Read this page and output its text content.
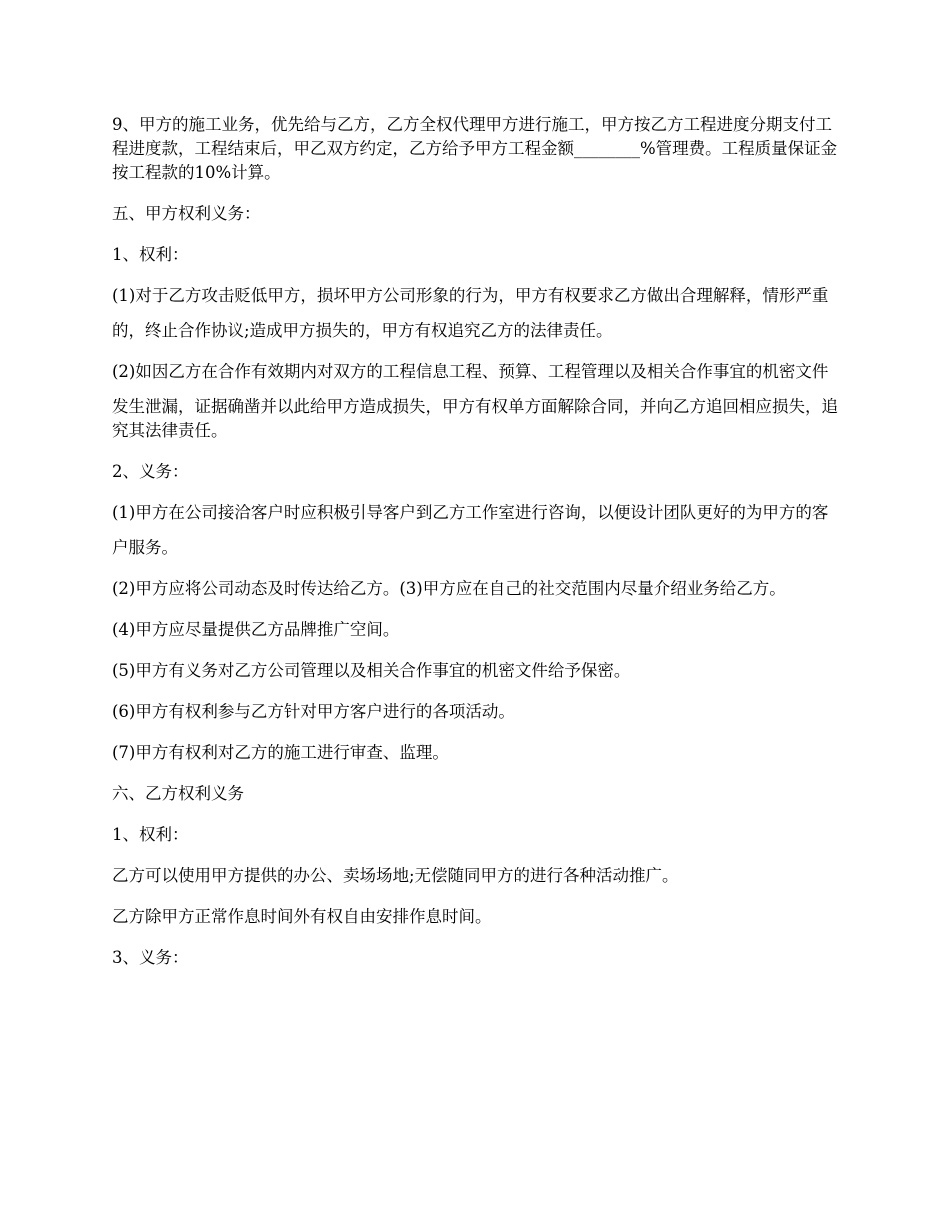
9、甲方的施工业务，优先给与乙方，乙方全权代理甲方进行施工，甲方按乙方工程进度分期支付工程进度款，工程结束后，甲乙双方约定，乙方给予甲方工程金额________%管理费。工程质量保证金按工程款的10%计算。

五、甲方权利义务：

1、权利：

(1)对于乙方攻击贬低甲方，损坏甲方公司形象的行为，甲方有权要求乙方做出合理解释，情形严重

的，终止合作协议;造成甲方损失的，甲方有权追究乙方的法律责任。

(2)如因乙方在合作有效期内对双方的工程信息工程、预算、工程管理以及相关合作事宜的机密文件

发生泄漏，证据确凿并以此给甲方造成损失，甲方有权单方面解除合同，并向乙方追回相应损失，追究其法律责任。

2、义务：

(1)甲方在公司接洽客户时应积极引导客户到乙方工作室进行咨询，以便设计团队更好的为甲方的客

户服务。

(2)甲方应将公司动态及时传达给乙方。(3)甲方应在自己的社交范围内尽量介绍业务给乙方。

(4)甲方应尽量提供乙方品牌推广空间。

(5)甲方有义务对乙方公司管理以及相关合作事宜的机密文件给予保密。

(6)甲方有权利参与乙方针对甲方客户进行的各项活动。

(7)甲方有权利对乙方的施工进行审查、监理。

六、乙方权利义务

1、权利：

乙方可以使用甲方提供的办公、卖场场地;无偿随同甲方的进行各种活动推广。

乙方除甲方正常作息时间外有权自由安排作息时间。

3、义务：
